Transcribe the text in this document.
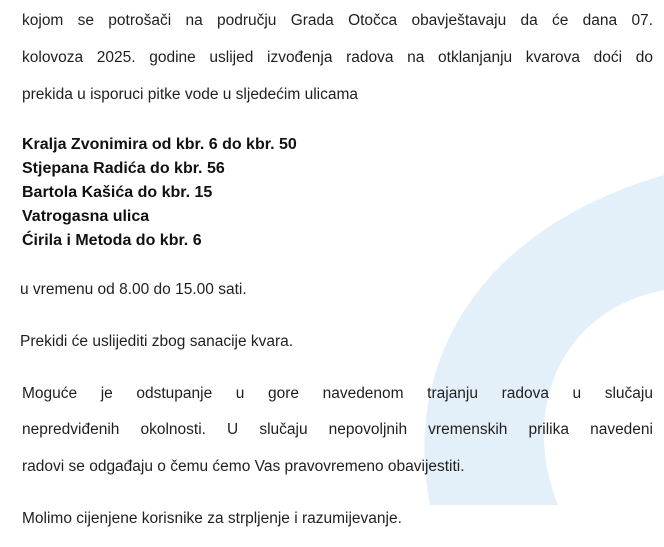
kojom se potrošači na području Grada Otočca obavještavaju da će dana 07.
kolovoza 2025. godine uslijed izvođenja radova na otklanjanju kvarova doći do
prekida u isporuci pitke vode u sljedećim ulicama
Kralja Zvonimira od kbr. 6 do kbr. 50
Stjepana Radića do kbr. 56
Bartola Kašića do kbr. 15
Vatrogasna ulica
Ćirila i Metoda do kbr. 6
u vremenu od 8.00 do 15.00 sati.
Prekidi će uslijediti zbog sanacije kvara.
Moguće je odstupanje u gore navedenom trajanju radova u slučaju
nepredviđenih okolnosti. U slučaju nepovoljnih vremenskih prilika navedeni
radovi se odgađaju o čemu ćemo Vas pravovremeno obavijestiti.
Molimo cijenjene korisnike za strpljenje i razumijevanje.
